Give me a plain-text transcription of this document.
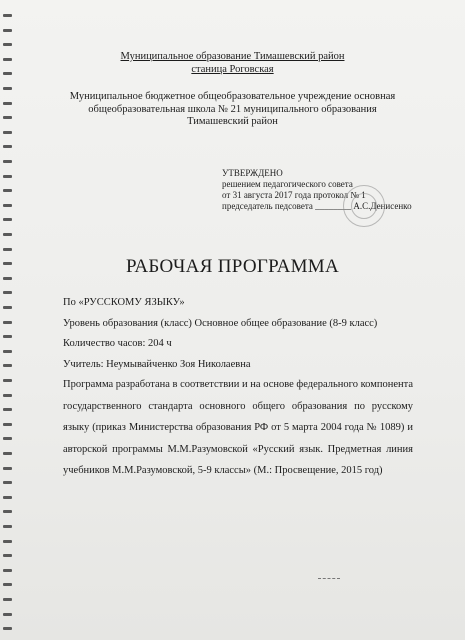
Муниципальное образование Тимашевский район
станица Роговская
Муниципальное бюджетное общеобразовательное учреждение основная
общеобразовательная школа № 21 муниципального образования
Тимашевский район
УТВЕРЖДЕНО
решением педагогического совета
от 31 августа 2017 года протокол № 1
председатель педсовета ________ А.С.Денисенко
РАБОЧАЯ ПРОГРАММА
По «РУССКОМУ ЯЗЫКУ»
Уровень образования (класс) Основное общее образование (8-9 класс)
Количество часов: 204 ч
Учитель: Неумывайченко Зоя Николаевна
Программа разработана в соответствии и на основе федерального компонента государственного стандарта основного общего образования по русскому языку (приказ Министерства образования РФ от 5 марта 2004 года № 1089) и авторской программы М.М.Разумовской «Русский язык. Предметная линия учебников М.М.Разумовской, 5-9 классы» (М.: Просвещение, 2015 год)
